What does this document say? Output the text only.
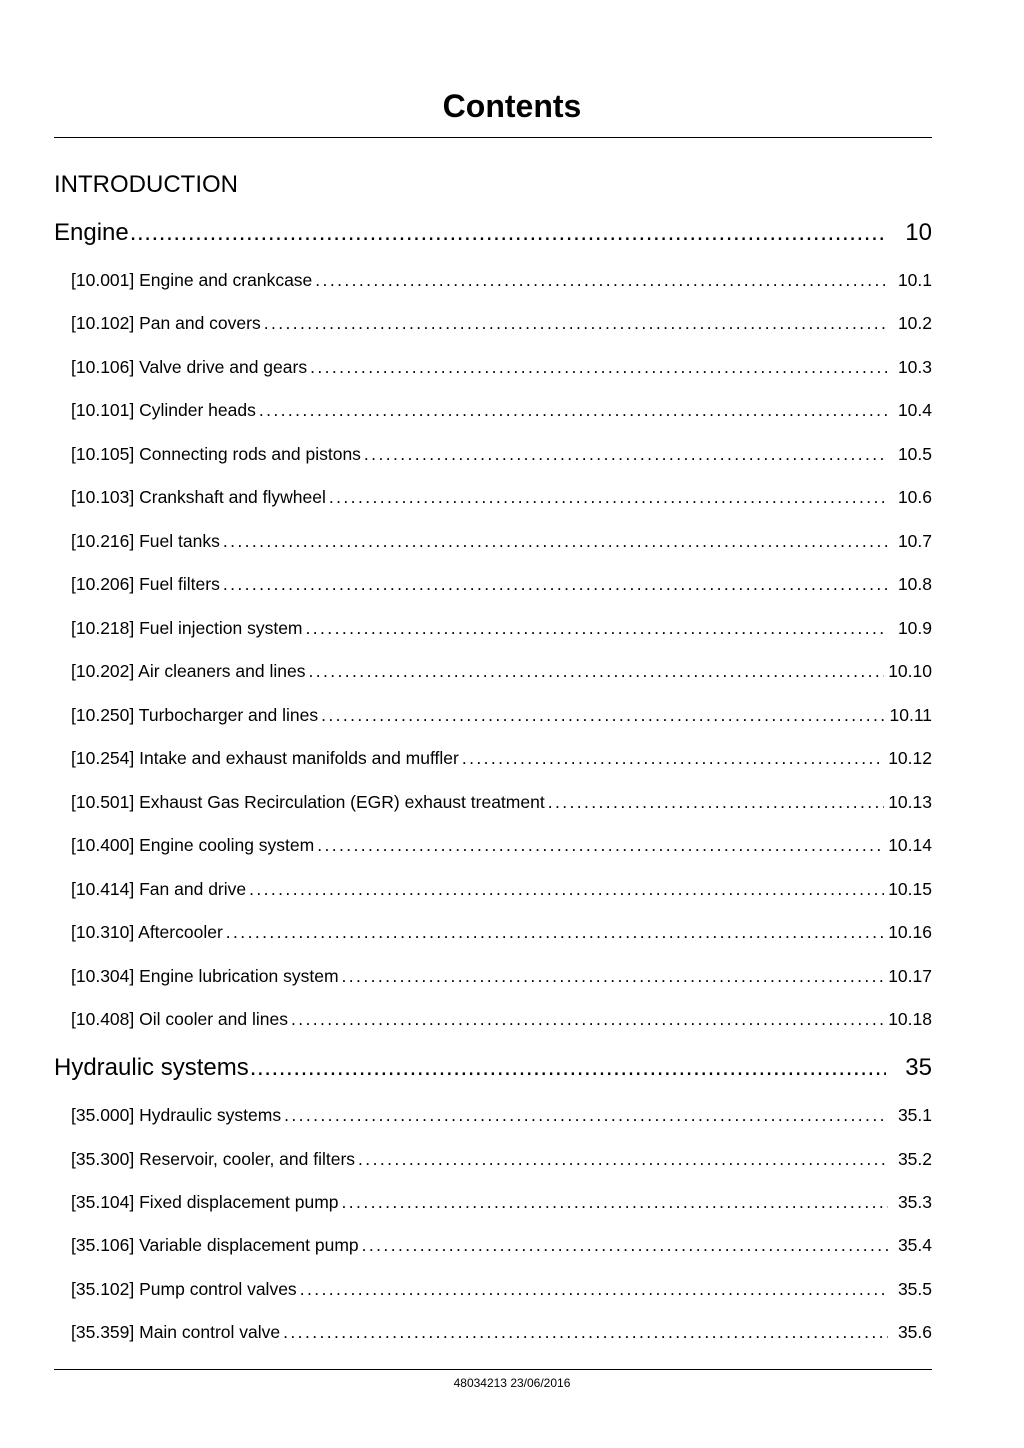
Contents
INTRODUCTION
Engine .....	10
[10.001] Engine and crankcase .....	10.1
[10.102] Pan and covers .....	10.2
[10.106] Valve drive and gears .....	10.3
[10.101] Cylinder heads .....	10.4
[10.105] Connecting rods and pistons .....	10.5
[10.103] Crankshaft and flywheel .....	10.6
[10.216] Fuel tanks .....	10.7
[10.206] Fuel filters .....	10.8
[10.218] Fuel injection system .....	10.9
[10.202] Air cleaners and lines .....	10.10
[10.250] Turbocharger and lines .....	10.11
[10.254] Intake and exhaust manifolds and muffler .....	10.12
[10.501] Exhaust Gas Recirculation (EGR) exhaust treatment .....	10.13
[10.400] Engine cooling system .....	10.14
[10.414] Fan and drive .....	10.15
[10.310] Aftercooler .....	10.16
[10.304] Engine lubrication system .....	10.17
[10.408] Oil cooler and lines .....	10.18
Hydraulic systems .....	35
[35.000] Hydraulic systems .....	35.1
[35.300] Reservoir, cooler, and filters .....	35.2
[35.104] Fixed displacement pump .....	35.3
[35.106] Variable displacement pump .....	35.4
[35.102] Pump control valves .....	35.5
[35.359] Main control valve .....	35.6

48034213 23/06/2016
